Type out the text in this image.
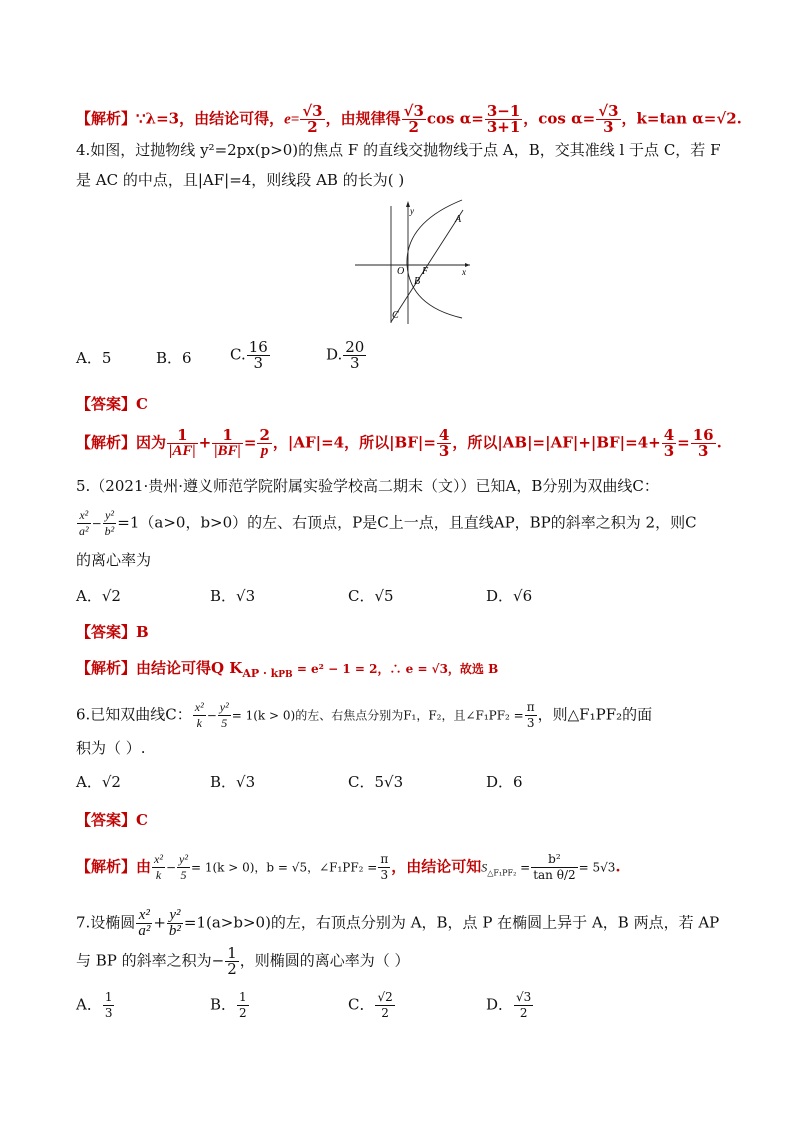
【解析】∵λ=3，由结论可得，$e= \frac{√3}{2}$ ，由规律得 $\frac{√3}{2}$ $\cos \alpha= \frac{3-1}{3+1}$ ，$\cos \alpha= \frac{√3}{3}$ ，k=tan α=√2.
4.如图，过抛物线 y²=2px(p>0)的焦点 F 的直线交抛物线于点 A，B，交其准线 l 于点 C，若 F
是 AC 的中点，且|AF|=4，则线段 AB 的长为( )
y
x
O F
A
B
C
A．5	B．6	C. $\frac{16}{3}$	D. $\frac{20}{3}$
【答案】C
【解析】因为 $\frac{1}{|AF|} + \frac{1}{|BF|} = \frac{2}{p}$ ，|AF|=4，所以$|BF|= \frac{4}{3}$ ，所以$|AB|=|AF|+|BF|=4+ \frac{4}{3} = \frac{16}{3}$ .
5.（2021·贵州·遵义师范学院附属实验学校高二期末（文））已知A，B分别为双曲线C：
$\frac{\text{x²}}{\text{a²}} - \frac{\text{y²}}{\text{b²}} =1(a>0$，b>0）的左、右顶点，P是C上一点，且直线AP，BP的斜率之积为 2，则C
的离心率为
A．√2	B．√3	C．√5	D．√6
【答案】B
【解析】由结论可得Q $K_{AP \cdot kPB} = e^2 - 1 = 2$，∴ e = √3，故选 B
6.已知双曲线C： $\frac{\text{x²}}{k} - \frac{\text{y²}}{5} = 1(k > 0)$的左、右焦点分别为F₁，F₂，且∠F₁PF₂ = $\frac{\pi}{3}$ ，则△F₁PF₂的面
积为（ ）.
A．√2	B．√3	C．5√3	D．6
【答案】C
【解析】由 $\frac{\text{x²}}{k} - \frac{\text{y²}}{5} = 1(k > 0)$，b = √5，∠F₁PF₂ = $\frac{\pi}{3}$ ，由结论可知$S_{\triangle F_1PF_2} = \frac{\text{b²}}{\text{tan θ/2}} = 5√3$.
7.设椭圆 $\frac{\text{x²}}{\text{a²}} + \frac{\text{y²}}{\text{b²}} =1(a>b>0)$的左，右顶点分别为 A，B，点 P 在椭圆上异于 A，B 两点，若 AP
与 BP 的斜率之积为− $\frac{1}{2}$ ，则椭圆的离心率为（ ）
A． $\frac{1}{3}$	B． $\frac{1}{2}$	C． $\frac{√2}{2}$	D． $\frac{√3}{2}$
